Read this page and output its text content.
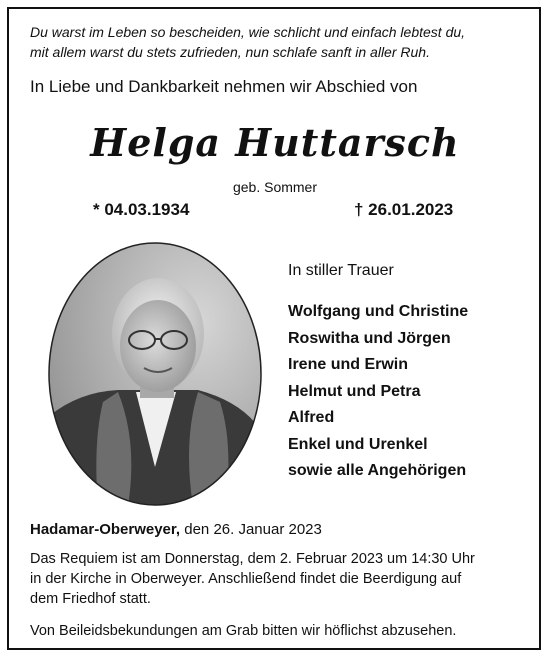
Du warst im Leben so bescheiden, wie schlicht und einfach lebtest du,
mit allem warst du stets zufrieden, nun schlafe sanft in aller Ruh.
In Liebe und Dankbarkeit nehmen wir Abschied von
Helga Huttarsch
geb. Sommer
* 04.03.1934	† 26.01.2023
In stiller Trauer
Wolfgang und Christine
Roswitha und Jörgen
Irene und Erwin
Helmut und Petra
Alfred
Enkel und Urenkel
sowie alle Angehörigen
Hadamar-Oberweyer, den 26. Januar 2023
Das Requiem ist am Donnerstag, dem 2. Februar 2023 um 14:30 Uhr
in der Kirche in Oberweyer. Anschließend findet die Beerdigung auf
dem Friedhof statt.
Von Beileidsbekundungen am Grab bitten wir höflichst abzusehen.
